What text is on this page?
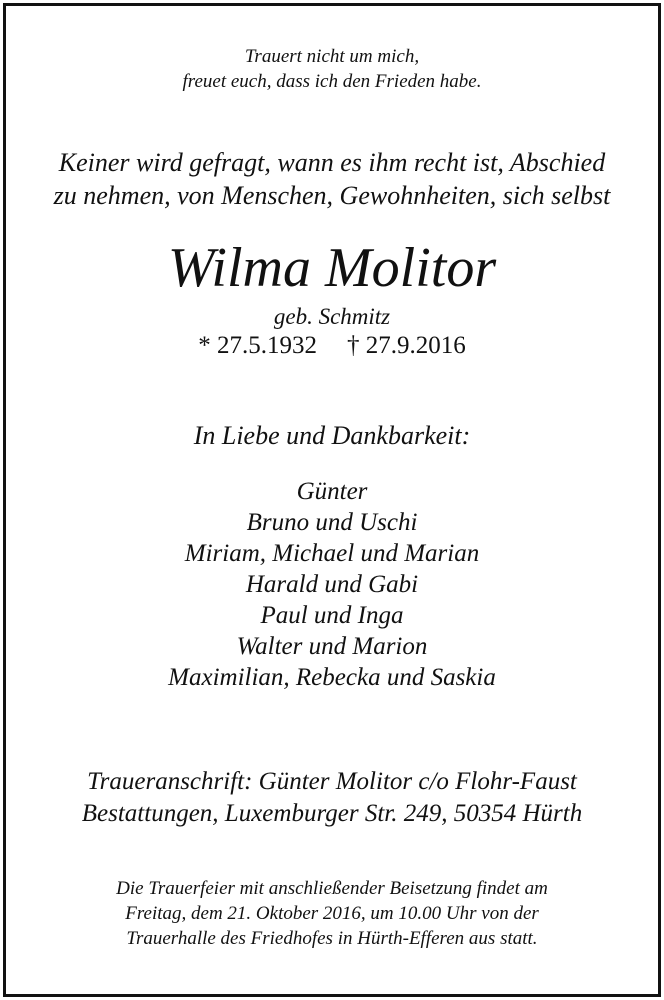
Trauert nicht um mich,
freuet euch, dass ich den Frieden habe.
Keiner wird gefragt, wann es ihm recht ist, Abschied
zu nehmen, von Menschen, Gewohnheiten, sich selbst
Wilma Molitor
geb. Schmitz
* 27.5.1932 † 27.9.2016
In Liebe und Dankbarkeit:
Günter
Bruno und Uschi
Miriam, Michael und Marian
Harald und Gabi
Paul und Inga
Walter und Marion
Maximilian, Rebecka und Saskia
Traueranschrift: Günter Molitor c/o Flohr-Faust
Bestattungen, Luxemburger Str. 249, 50354 Hürth
Die Trauerfeier mit anschließender Beisetzung findet am
Freitag, dem 21. Oktober 2016, um 10.00 Uhr von der
Trauerhalle des Friedhofes in Hürth-Efferen aus statt.
